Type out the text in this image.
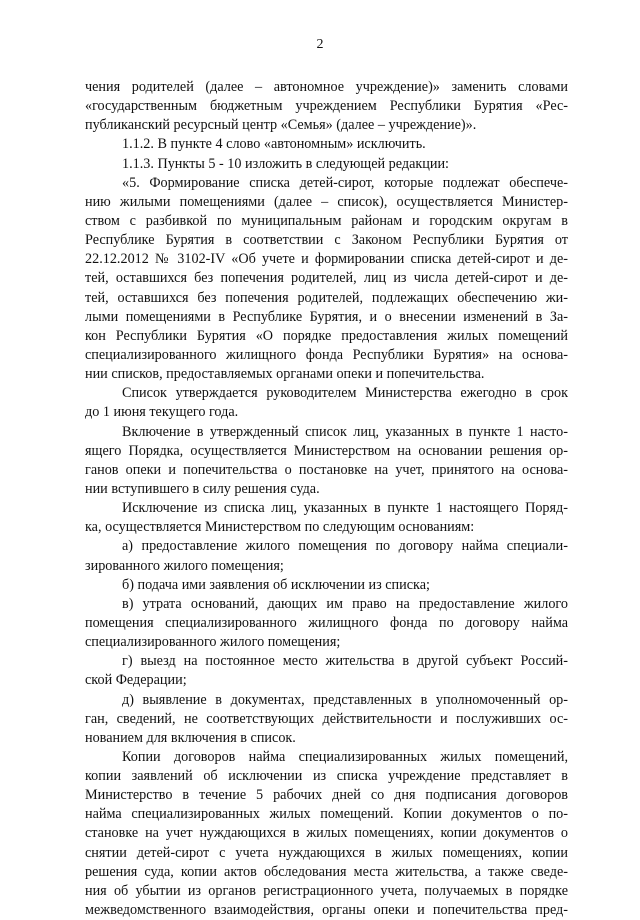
2
чения родителей (далее – автономное учреждение)» заменить словами
«государственным бюджетным учреждением Республики Бурятия «Рес-
публиканский ресурсный центр «Семья» (далее – учреждение)».
1.1.2. В пункте 4 слово «автономным» исключить.
1.1.3. Пункты 5 - 10 изложить в следующей редакции:
«5. Формирование списка детей-сирот, которые подлежат обеспече-
нию жилыми помещениями (далее – список), осуществляется Министер-
ством с разбивкой по муниципальным районам и городским округам в
Республике Бурятия в соответствии с Законом Республики Бурятия от
22.12.2012 № 3102-IV «Об учете и формировании списка детей-сирот и де-
тей, оставшихся без попечения родителей, лиц из числа детей-сирот и де-
тей, оставшихся без попечения родителей, подлежащих обеспечению жи-
лыми помещениями в Республике Бурятия, и о внесении изменений в За-
кон Республики Бурятия «О порядке предоставления жилых помещений
специализированного жилищного фонда Республики Бурятия» на основа-
нии списков, предоставляемых органами опеки и попечительства.
Список утверждается руководителем Министерства ежегодно в срок
до 1 июня текущего года.
Включение в утвержденный список лиц, указанных в пункте 1 насто-
ящего Порядка, осуществляется Министерством на основании решения ор-
ганов опеки и попечительства о постановке на учет, принятого на основа-
нии вступившего в силу решения суда.
Исключение из списка лиц, указанных в пункте 1 настоящего Поряд-
ка, осуществляется Министерством по следующим основаниям:
а) предоставление жилого помещения по договору найма специали-
зированного жилого помещения;
б) подача ими заявления об исключении из списка;
в) утрата оснований, дающих им право на предоставление жилого
помещения специализированного жилищного фонда по договору найма
специализированного жилого помещения;
г) выезд на постоянное место жительства в другой субъект Россий-
ской Федерации;
д) выявление в документах, представленных в уполномоченный ор-
ган, сведений, не соответствующих действительности и послуживших ос-
нованием для включения в список.
Копии договоров найма специализированных жилых помещений,
копии заявлений об исключении из списка учреждение представляет в
Министерство в течение 5 рабочих дней со дня подписания договоров
найма специализированных жилых помещений. Копии документов о по-
становке на учет нуждающихся в жилых помещениях, копии документов о
снятии детей-сирот с учета нуждающихся в жилых помещениях, копии
решения суда, копии актов обследования места жительства, а также сведе-
ния об убытии из органов регистрационного учета, получаемых в порядке
межведомственного взаимодействия, органы опеки и попечительства пред-
